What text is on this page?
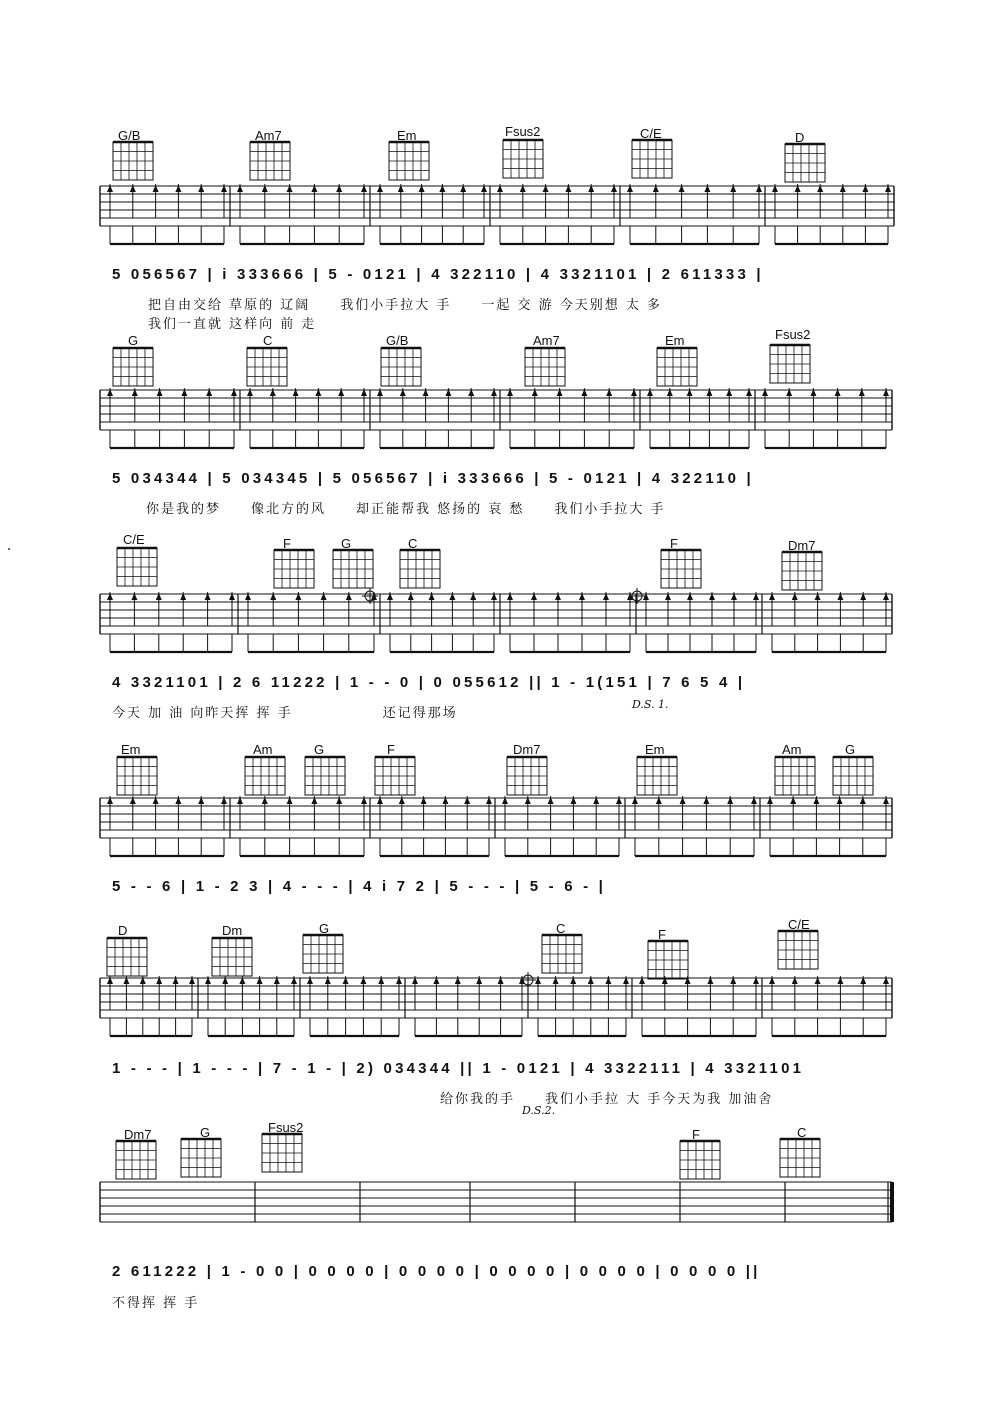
G/B	Am7	Em	Fsus2	C/E	D
G	C	G/B	Am7	Em	Fsus2
C/E	F	G	C	F	Dm7
Em	Am	G	F	Dm7	Em	Am	G
D	Dm	G	C	F
C/E
Dm7	G	Fsus2	F	C
5 056567 | i 333666 | 5 - 0121 | 4 322110 | 4 3321101 | 2 611333 |
5 034344 | 5 034345 | 5 056567 | i 333666 | 5 - 0121 | 4 322110 |
4 3321101 | 2 6 11222 | 1 - - 0 | 0 055612 || 1 - 1(151 | 7 6 5 4 |
5 - - 6 | 1 - 2 3 | 4 - - - | 4 i 7 2 | 5 - - - | 5 - 6 - |
1 - - - | 1 - - - | 7 - 1 - | 2) 034344 || 1 - 0121 | 4 3322111 | 4 3321101
2 611222 | 1 - 0 0 | 0 0 0 0 | 0 0 0 0 | 0 0 0 0 | 0 0 0 0 | 0 0 0 0 ||
把自由交给 草原的 辽阔　　我们小手拉大 手　　一起 交 游 今天别想 太 多
我们一直就 这样向 前 走
你是我的梦　　像北方的风　　却正能帮我 悠扬的 哀 愁　　我们小手拉大 手
今天 加 油 向昨天挥 挥 手　　　　　　还记得那场
给你我的手　　我们小手拉 大 手今天为我 加油舍
不得挥 挥 手
D.S. 1.
D.S.2.
